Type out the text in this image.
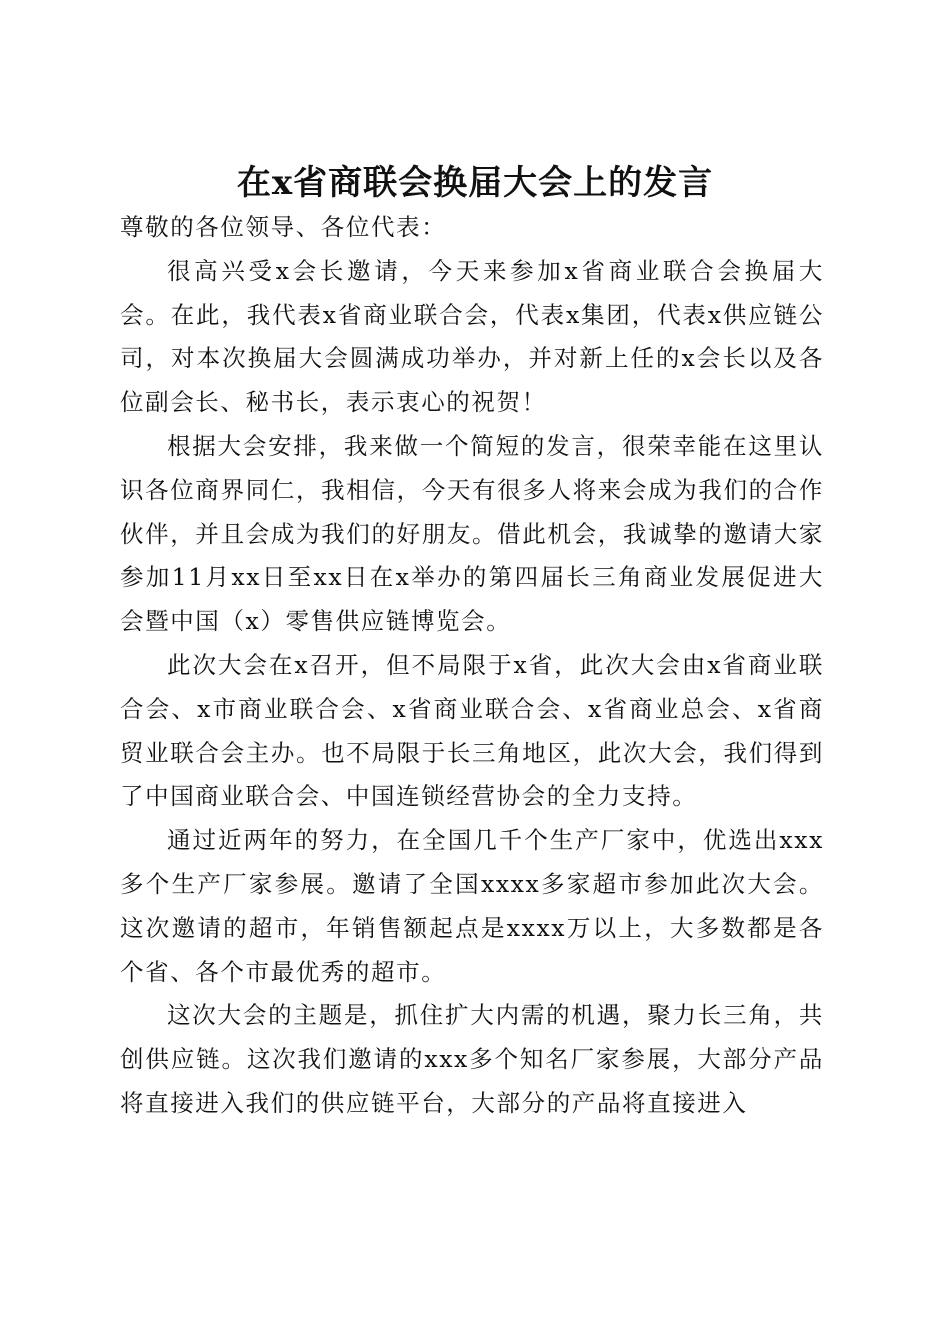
在x省商联会换届大会上的发言

尊敬的各位领导、各位代表：

很高兴受x会长邀请，今天来参加x省商业联合会换届大会。在此，我代表x省商业联合会，代表x集团，代表x供应链公司，对本次换届大会圆满成功举办，并对新上任的x会长以及各位副会长、秘书长，表示衷心的祝贺！

根据大会安排，我来做一个简短的发言，很荣幸能在这里认识各位商界同仁，我相信，今天有很多人将来会成为我们的合作伙伴，并且会成为我们的好朋友。借此机会，我诚挚的邀请大家参加11月xx日至xx日在x举办的第四届长三角商业发展促进大会暨中国（x）零售供应链博览会。

此次大会在x召开，但不局限于x省，此次大会由x省商业联合会、x市商业联合会、x省商业联合会、x省商业总会、x省商贸业联合会主办。也不局限于长三角地区，此次大会，我们得到了中国商业联合会、中国连锁经营协会的全力支持。

通过近两年的努力，在全国几千个生产厂家中，优选出xxx多个生产厂家参展。邀请了全国xxxx多家超市参加此次大会。这次邀请的超市，年销售额起点是xxxx万以上，大多数都是各个省、各个市最优秀的超市。

这次大会的主题是，抓住扩大内需的机遇，聚力长三角，共创供应链。这次我们邀请的xxx多个知名厂家参展，大部分产品将直接进入我们的供应链平台，大部分的产品将直接进入
